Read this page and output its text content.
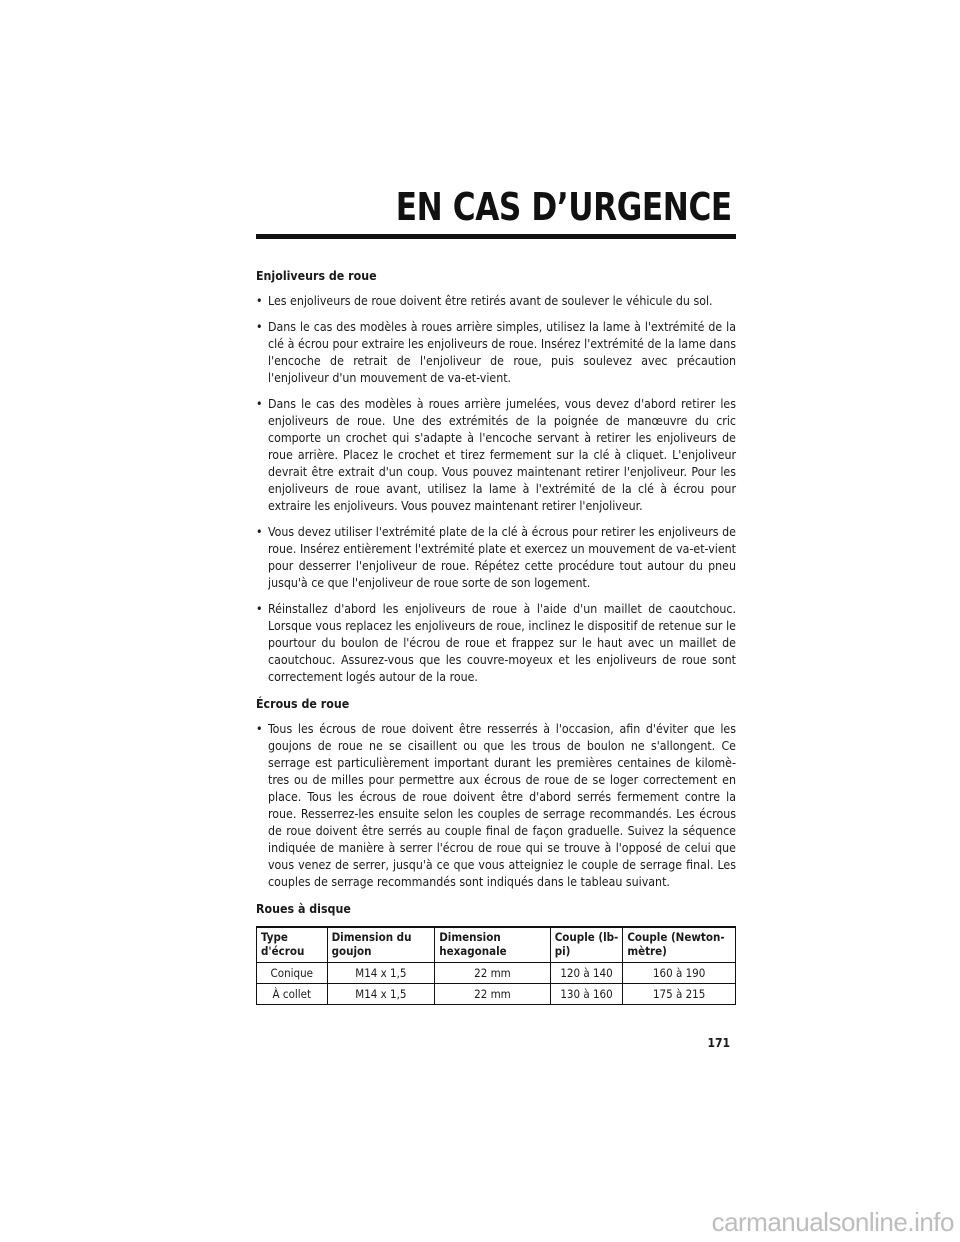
EN CAS D’URGENCE
Enjoliveurs de roue
• Les enjoliveurs de roue doivent être retirés avant de soulever le véhicule du sol.
• Dans le cas des modèles à roues arrière simples, utilisez la lame à l'extrémité de la clé à écrou pour extraire les enjoliveurs de roue. Insérez l'extrémité de la lame dans l'encoche de retrait de l'enjoliveur de roue, puis soulevez avec précaution l'enjoliveur d'un mouvement de va-et-vient.
• Dans le cas des modèles à roues arrière jumelées, vous devez d'abord retirer les enjoliveurs de roue. Une des extrémités de la poignée de manœuvre du cric comporte un crochet qui s'adapte à l'encoche servant à retirer les enjoliveurs de roue arrière. Placez le crochet et tirez fermement sur la clé à cliquet. L'enjoliveur devrait être extrait d'un coup. Vous pouvez maintenant retirer l'enjoliveur. Pour les enjoliveurs de roue avant, utilisez la lame à l'extrémité de la clé à écrou pour extraire les enjoliveurs. Vous pouvez maintenant retirer l'enjoliveur.
• Vous devez utiliser l'extrémité plate de la clé à écrous pour retirer les enjoliveurs de roue. Insérez entièrement l'extrémité plate et exercez un mouvement de va-et-vient pour desserrer l'enjoliveur de roue. Répétez cette procédure tout autour du pneu jusqu'à ce que l'enjoliveur de roue sorte de son logement.
• Réinstallez d'abord les enjoliveurs de roue à l'aide d'un maillet de caoutchouc. Lorsque vous replacez les enjoliveurs de roue, inclinez le dispositif de retenue sur le pourtour du boulon de l'écrou de roue et frappez sur le haut avec un maillet de caoutchouc. Assurez-vous que les couvre-moyeux et les enjoliveurs de roue sont correctement logés autour de la roue.
Écrous de roue
• Tous les écrous de roue doivent être resserrés à l'occasion, afin d'éviter que les goujons de roue ne se cisaillent ou que les trous de boulon ne s'allongent. Ce serrage est particulièrement important durant les premières centaines de kilomè-tres ou de milles pour permettre aux écrous de roue de se loger correctement en place. Tous les écrous de roue doivent être d'abord serrés fermement contre la roue. Resserrez-les ensuite selon les couples de serrage recommandés. Les écrous de roue doivent être serrés au couple final de façon graduelle. Suivez la séquence indiquée de manière à serrer l'écrou de roue qui se trouve à l'opposé de celui que vous venez de serrer, jusqu'à ce que vous atteigniez le couple de serrage final. Les couples de serrage recommandés sont indiqués dans le tableau suivant.
Roues à disque
Type d'écrou	Dimension du goujon	Dimension hexagonale	Couple (lb-pi)	Couple (Newton-mètre)
Conique	M14 x 1,5	22 mm	120 à 140	160 à 190
À collet	M14 x 1,5	22 mm	130 à 160	175 à 215
171
carmanualsonline.info
